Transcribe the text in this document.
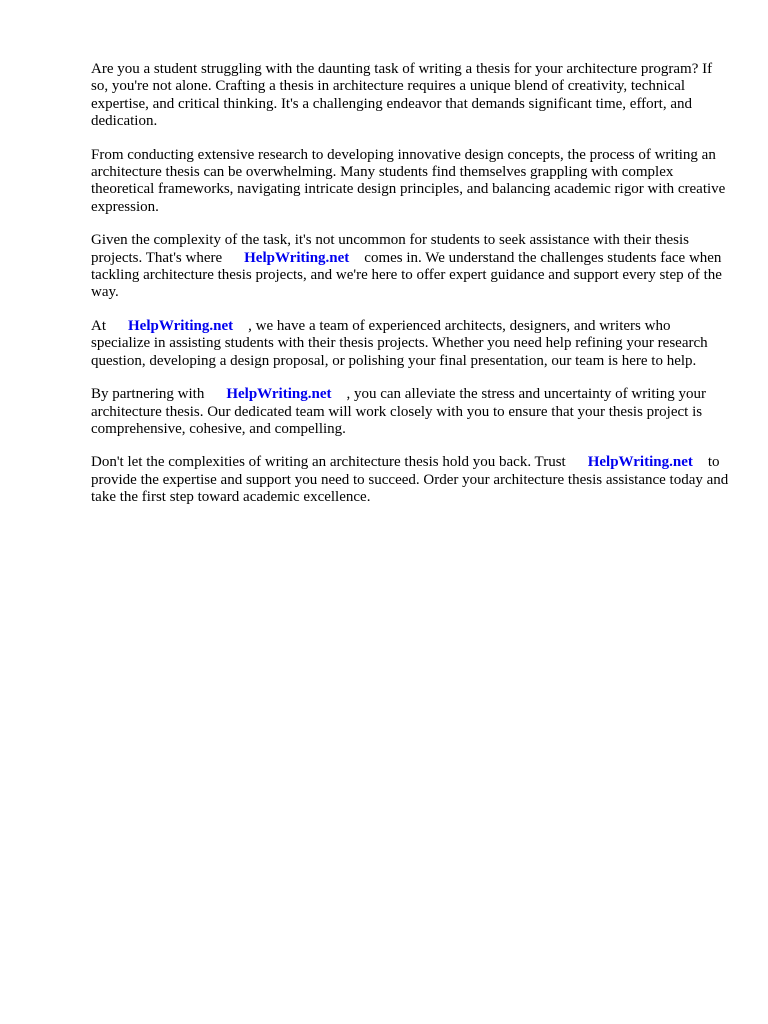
Are you a student struggling with the daunting task of writing a thesis for your architecture program? If so, you're not alone. Crafting a thesis in architecture requires a unique blend of creativity, technical expertise, and critical thinking. It's a challenging endeavor that demands significant time, effort, and dedication.

From conducting extensive research to developing innovative design concepts, the process of writing an architecture thesis can be overwhelming. Many students find themselves grappling with complex theoretical frameworks, navigating intricate design principles, and balancing academic rigor with creative expression.

Given the complexity of the task, it's not uncommon for students to seek assistance with their thesis projects. That's where HelpWriting.net comes in. We understand the challenges students face when tackling architecture thesis projects, and we're here to offer expert guidance and support every step of the way.

At HelpWriting.net , we have a team of experienced architects, designers, and writers who specialize in assisting students with their thesis projects. Whether you need help refining your research question, developing a design proposal, or polishing your final presentation, our team is here to help.

By partnering with HelpWriting.net , you can alleviate the stress and uncertainty of writing your architecture thesis. Our dedicated team will work closely with you to ensure that your thesis project is comprehensive, cohesive, and compelling.

Don't let the complexities of writing an architecture thesis hold you back. Trust HelpWriting.net to provide the expertise and support you need to succeed. Order your architecture thesis assistance today and take the first step toward academic excellence.
